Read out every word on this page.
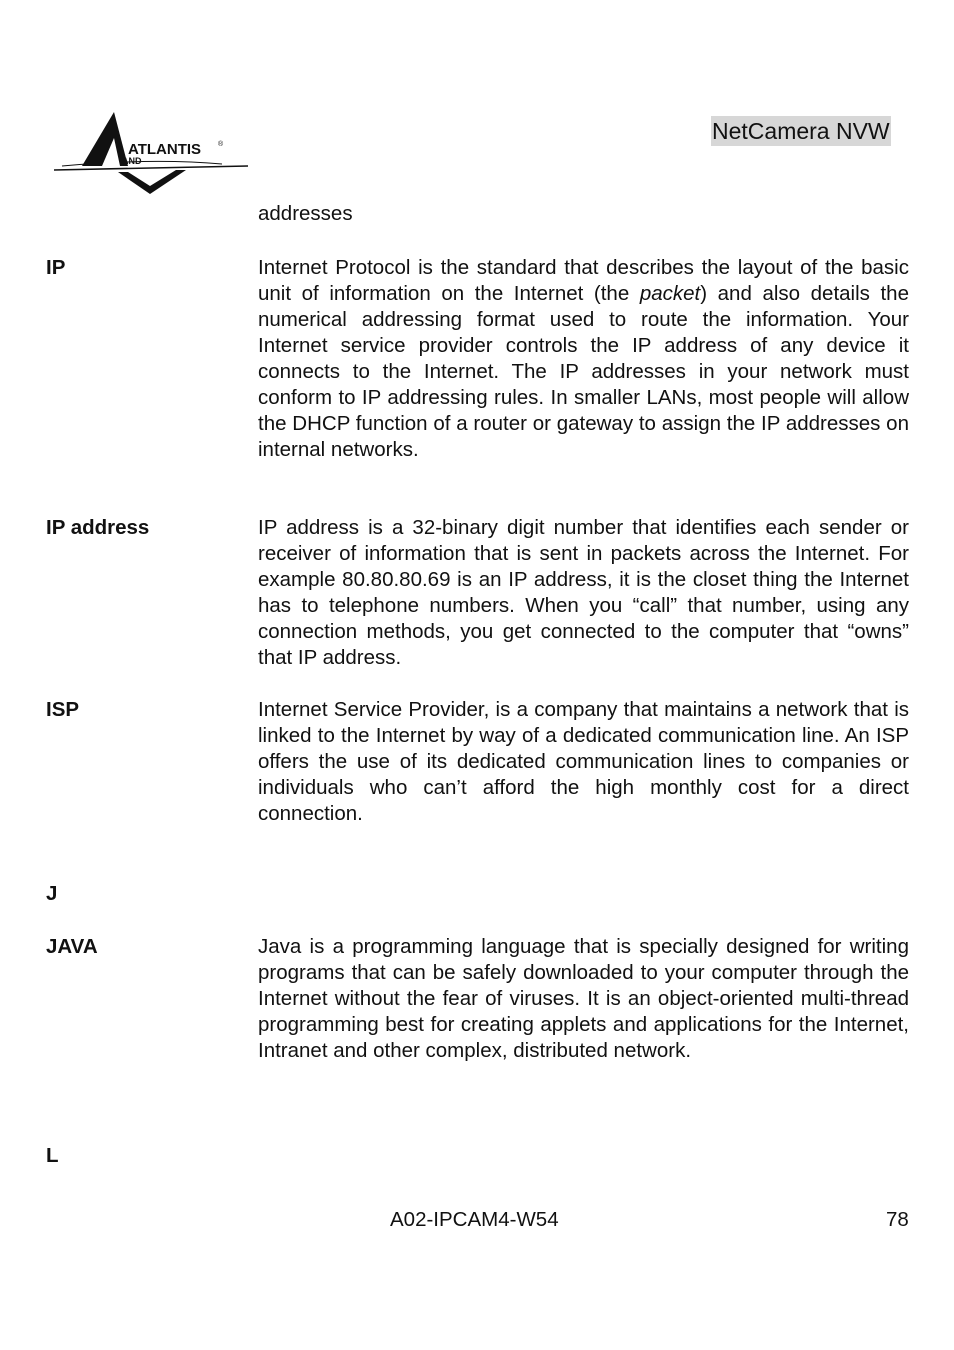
ATLANTIS ®
AND
NetCamera NVW
addresses
IP	Internet Protocol is the standard that describes the layout of the basic unit of information on the Internet (the packet) and also details the numerical addressing format used to route the information. Your Internet service provider controls the IP address of any device it connects to the Internet. The IP addresses in your network must conform to IP addressing rules. In smaller LANs, most people will allow the DHCP function of a router or gateway to assign the IP addresses on internal networks.
IP address	IP address is a 32-binary digit number that identifies each sender or receiver of information that is sent in packets across the Internet. For example 80.80.80.69 is an IP address, it is the closet thing the Internet has to telephone numbers. When you “call” that number, using any connection methods, you get connected to the computer that “owns” that IP address.
ISP	Internet Service Provider, is a company that maintains a network that is linked to the Internet by way of a dedicated communication line. An ISP offers the use of its dedicated communication lines to companies or individuals who can’t afford the high monthly cost for a direct connection.
J
JAVA	Java is a programming language that is specially designed for writing programs that can be safely downloaded to your computer through the Internet without the fear of viruses. It is an object-oriented multi-thread programming best for creating applets and applications for the Internet, Intranet and other complex, distributed network.
L
A02-IPCAM4-W54	78
